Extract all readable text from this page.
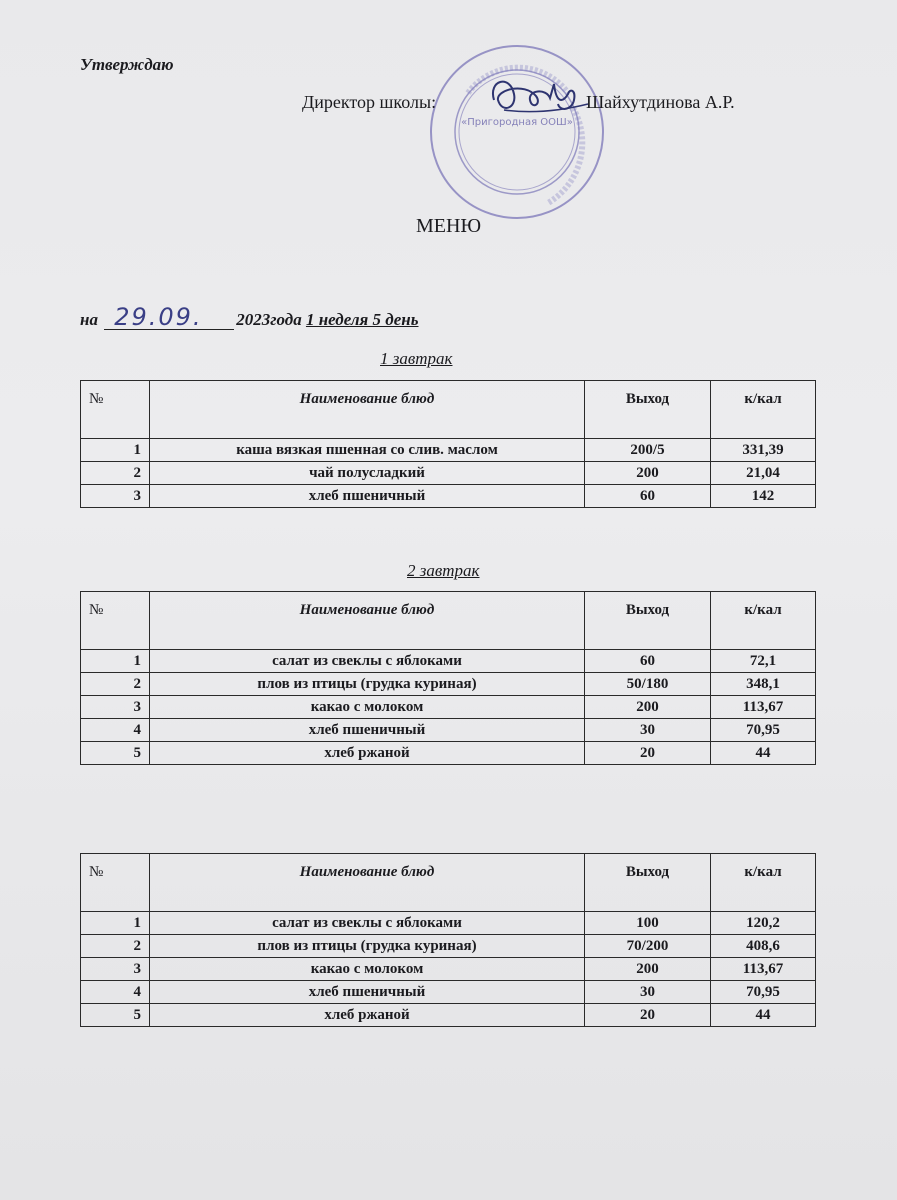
«Пригородная ООШ»
Утверждаю
Директор школы:	Шайхутдинова А.Р.
МЕНЮ
на 29.09. 2023года 1 неделя 5 день
1 завтрак
№	Наименование блюд	Выход	к/кал
1	каша вязкая пшенная со слив. маслом	200/5	331,39
2	чай полусладкий	200	21,04
3	хлеб пшеничный	60	142
2 завтрак
№	Наименование блюд	Выход	к/кал
1	салат из свеклы с яблоками	60	72,1
2	плов из птицы (грудка куриная)	50/180	348,1
3	какао с молоком	200	113,67
4	хлеб пшеничный	30	70,95
5	хлеб ржаной	20	44
№	Наименование блюд	Выход	к/кал
1	салат из свеклы с яблоками	100	120,2
2	плов из птицы (грудка куриная)	70/200	408,6
3	какао с молоком	200	113,67
4	хлеб пшеничный	30	70,95
5	хлеб ржаной	20	44
